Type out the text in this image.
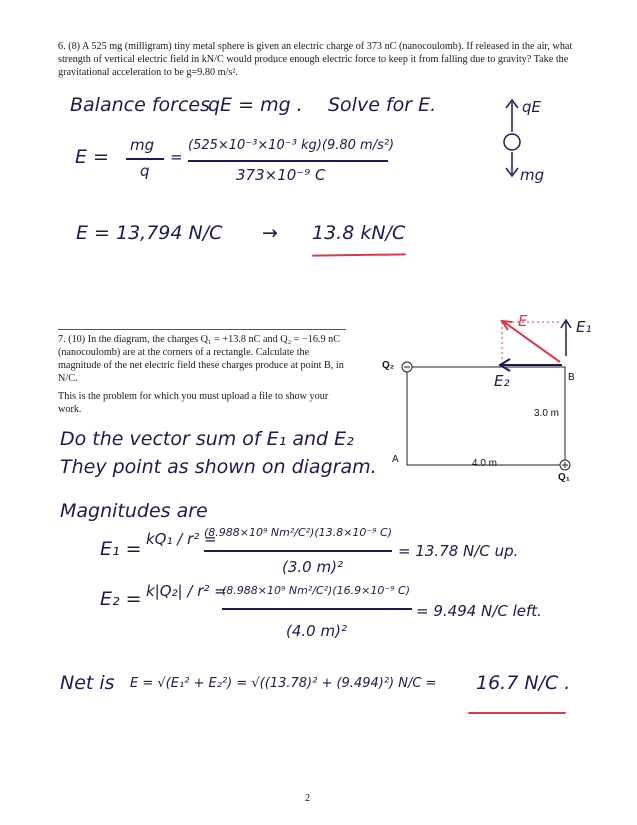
6. (8) A 525 mg (milligram) tiny metal sphere is given an electric charge of 373 nC (nanocoulomb). If released in the air, what strength of vertical electric field in kN/C would produce enough electric force to keep it from falling due to gravity? Take the gravitational acceleration to be g=9.80 m/s².
Balance forces
qE = mg . Solve for E.
E =
mg
q
=
(525×10⁻³×10⁻³ kg)(9.80 m/s²)
373×10⁻⁹ C
E = 13,794 N/C → 13.8 kN/C
qE
mg
7. (10) In the diagram, the charges Q₁ = +13.8 nC and Q₂ = −16.9 nC (nanocoulomb) are at the corners of a rectangle. Calculate the magnitude of the net electric field these charges produce at point B, in N/C.
This is the problem for which you must upload a file to show your work.
Q₂
Q₁
A
B
4.0 m
3.0 m
E	E₁
E₂
Do the vector sum of E₁ and E₂
They point as shown on diagram.
Magnitudes are
E₁ = kQ₁ / r² =
(8.988×10⁹ Nm²/C²)(13.8×10⁻⁹ C)
(3.0 m)²
= 13.78 N/C up.
E₂ = k|Q₂| / r² =
(8.988×10⁹ Nm²/C²)(16.9×10⁻⁹ C)
(4.0 m)²
= 9.494 N/C left.
Net is E = √(E₁² + E₂²) = √((13.78)² + (9.494)²) N/C = 16.7 N/C .
2
